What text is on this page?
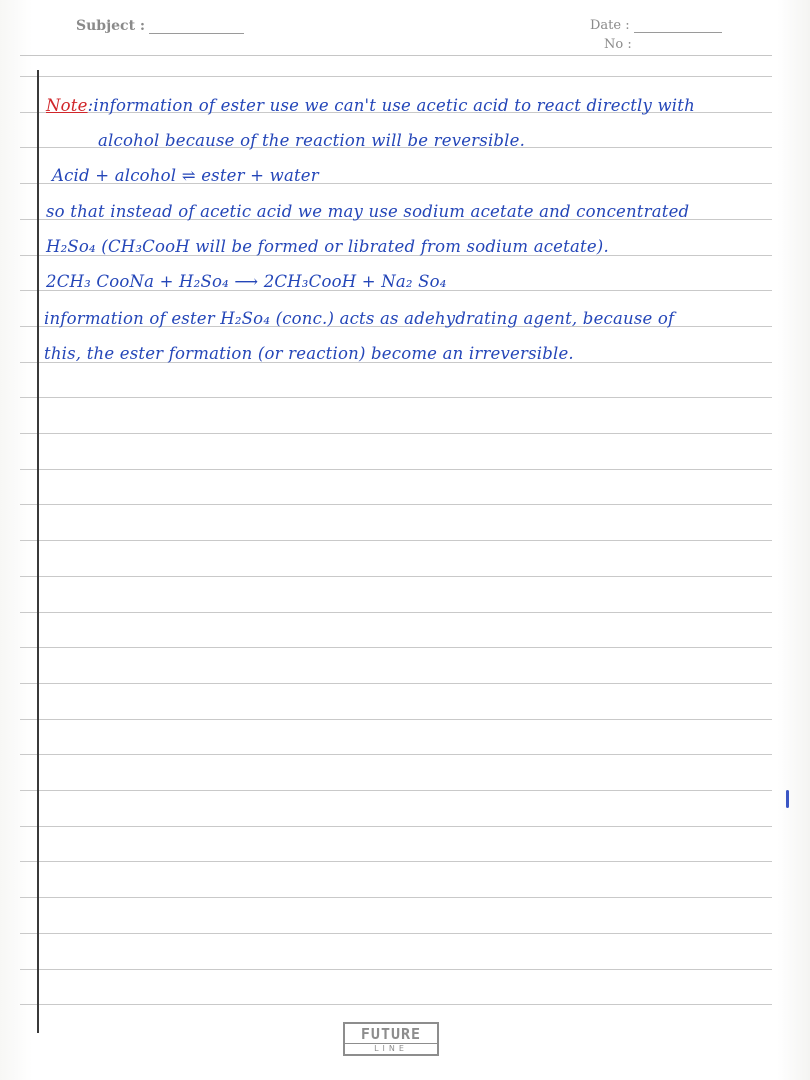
Subject :	Date :
No :
Note:information of ester use we can't use acetic acid to react directly with
alcohol because of the reaction will be reversible.
Acid + alcohol ⇌ ester + water
so that instead of acetic acid we may use sodium acetate and concentrated
H₂So₄ (CH₃CooH will be formed or librated from sodium acetate).
2CH₃ CooNa + H₂So₄ ⟶ 2CH₃CooH + Na₂ So₄
information of ester H₂So₄ (conc.) acts as adehydrating agent, because of
this, the ester formation (or reaction) become an irreversible.
FUTURE
LINE
